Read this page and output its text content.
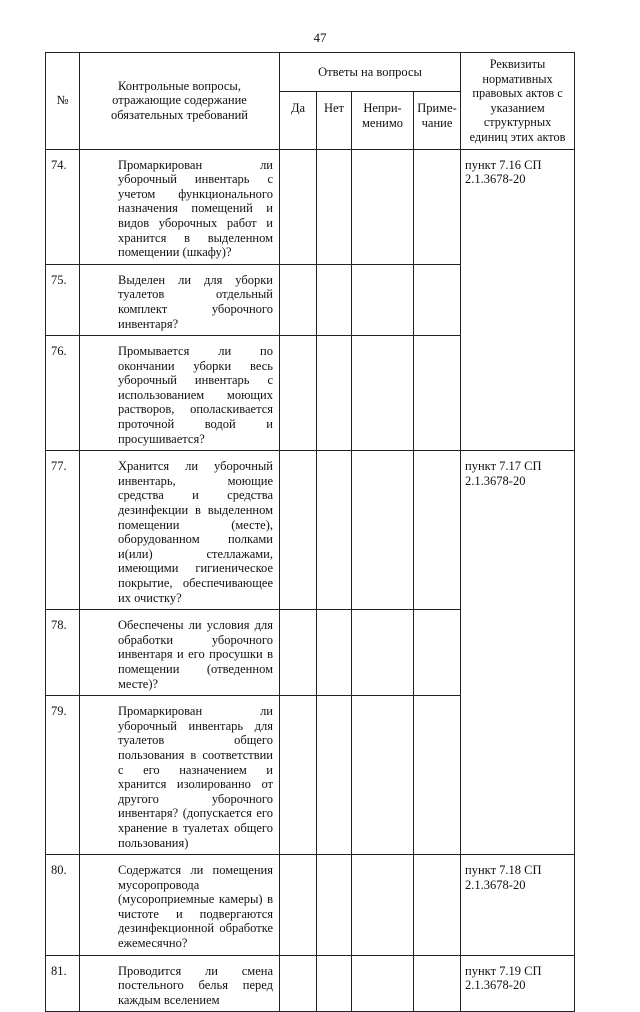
47
№	Контрольные вопросы, отражающие содержание обязательных требований	Ответы на вопросы				Реквизиты нормативных правовых актов с указанием структурных единиц этих актов
		Да	Нет	Непри-менимо	Приме-чание	
74.	Промаркирован ли уборочный инвентарь с учетом функционального назначения помещений и видов уборочных работ и хранится в выделенном помещении (шкафу)?					пункт 7.16 СП 2.1.3678-20
75.	Выделен ли для уборки туалетов отдельный комплект уборочного инвентаря?					
76.	Промывается ли по окончании уборки весь уборочный инвентарь с использованием моющих растворов, ополаскивается проточной водой и просушивается?					
77.	Хранится ли уборочный инвентарь, моющие средства и средства дезинфекции в выделенном помещении (месте), оборудованном полками и(или) стеллажами, имеющими гигиеническое покрытие, обеспечивающее их очистку?					пункт 7.17 СП 2.1.3678-20
78.	Обеспечены ли условия для обработки уборочного инвентаря и его просушки в помещении (отведенном месте)?					
79.	Промаркирован ли уборочный инвентарь для туалетов общего пользования в соответствии с его назначением и хранится изолированно от другого уборочного инвентаря? (допускается его хранение в туалетах общего пользования)					
80.	Содержатся ли помещения мусоропровода (мусороприемные камеры) в чистоте и подвергаются дезинфекционной обработке ежемесячно?					пункт 7.18 СП 2.1.3678-20
81.	Проводится ли смена постельного белья перед каждым вселением					пункт 7.19 СП 2.1.3678-20
